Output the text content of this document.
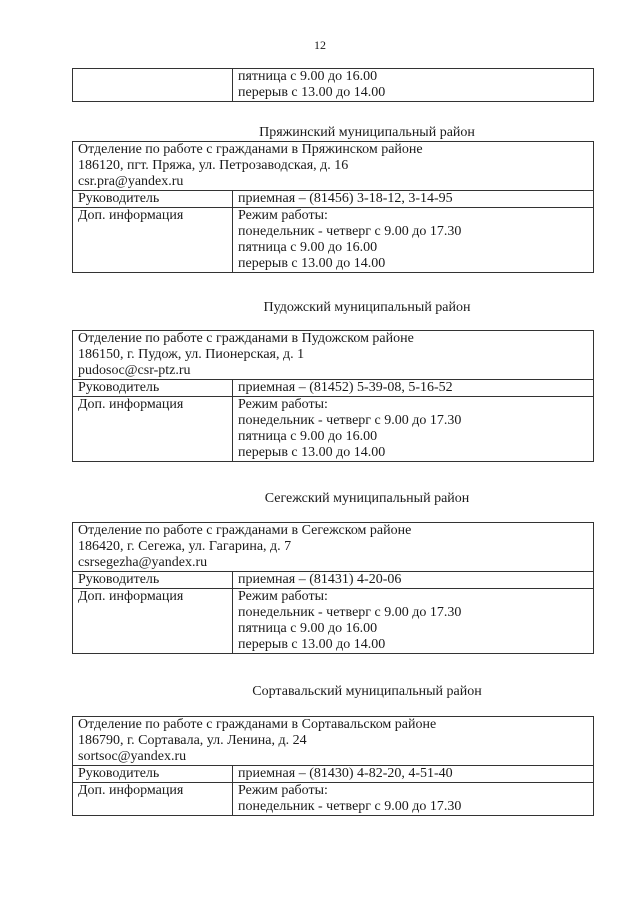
12

пятница с 9.00 до 16.00
перерыв с 13.00 до 14.00
Пряжинский муниципальный район
Отделение по работе с гражданами в Пряжинском районе
186120, пгт. Пряжа, ул. Петрозаводская, д. 16
csr.pra@yandex.ru	

Руководитель	приемная – (81456) 3-18-12, 3-14-95
Доп. информация	Режим работы:
понедельник - четверг с 9.00 до 17.30
пятница с 9.00 до 16.00
перерыв с 13.00 до 14.00
Пудожский муниципальный район
Отделение по работе с гражданами в Пудожском районе
186150, г. Пудож, ул. Пионерская, д. 1
pudosoc@csr-ptz.ru	

Руководитель	приемная – (81452) 5-39-08, 5-16-52
Доп. информация	Режим работы:
понедельник - четверг с 9.00 до 17.30
пятница с 9.00 до 16.00
перерыв с 13.00 до 14.00
Сегежский муниципальный район
Отделение по работе с гражданами в Сегежском районе
186420, г. Сегежа, ул. Гагарина, д. 7
csrsegezha@yandex.ru	

Руководитель	приемная – (81431) 4-20-06
Доп. информация	Режим работы:
понедельник - четверг с 9.00 до 17.30
пятница с 9.00 до 16.00
перерыв с 13.00 до 14.00
Сортавальский муниципальный район
Отделение по работе с гражданами в Сортавальском районе
186790, г. Сортавала, ул. Ленина, д. 24
sortsoc@yandex.ru	

Руководитель	приемная – (81430) 4-82-20, 4-51-40
Доп. информация	Режим работы:
понедельник - четверг с 9.00 до 17.30
